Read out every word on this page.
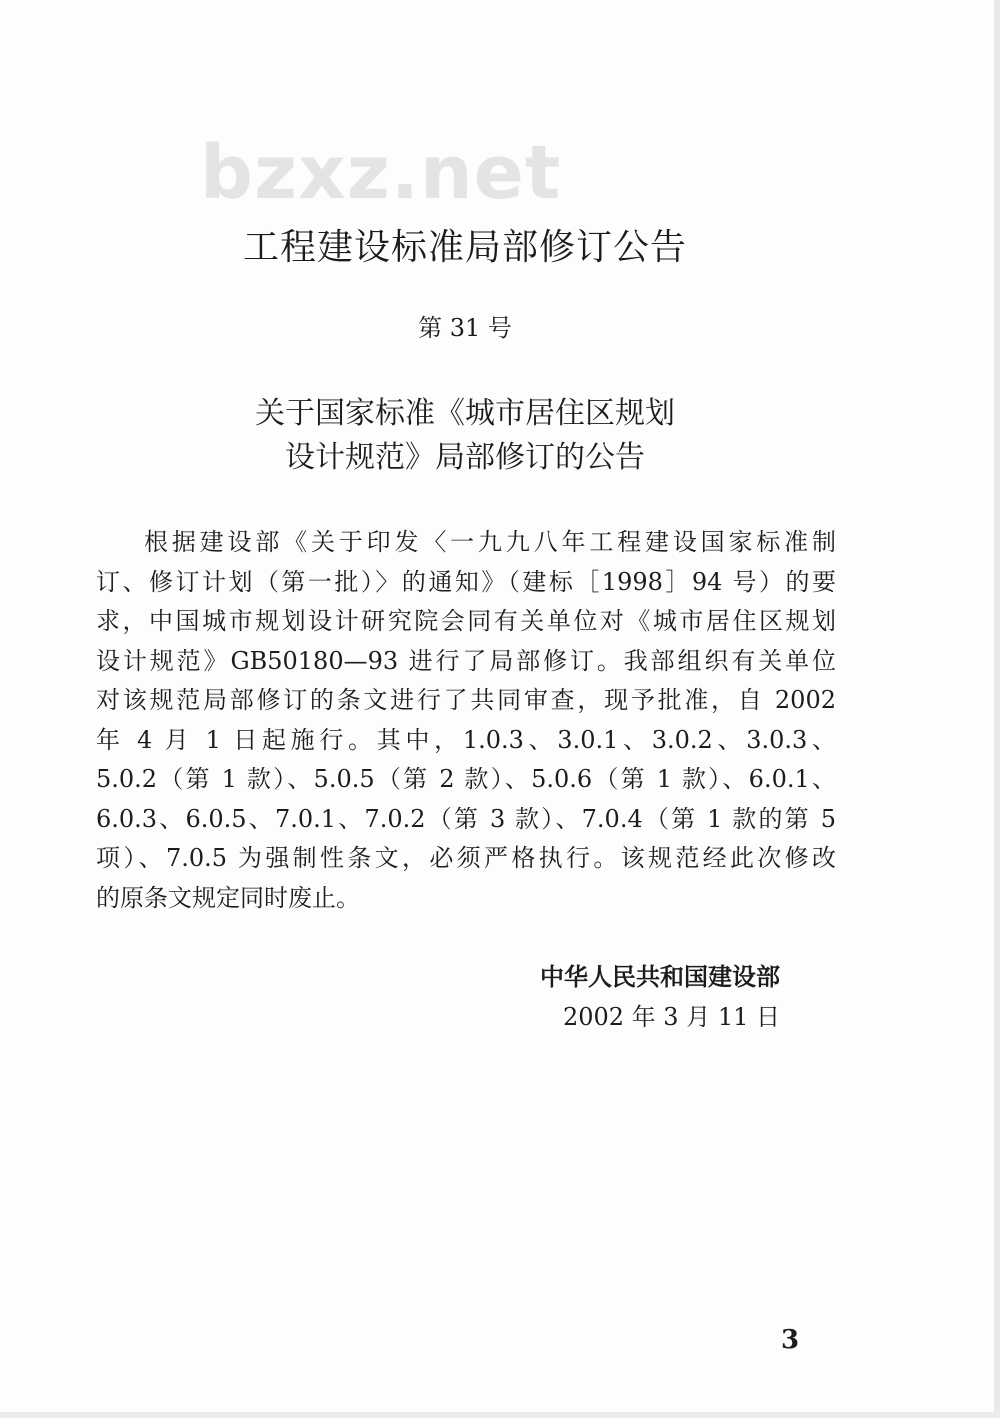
bzxz.net
工程建设标准局部修订公告
第 31 号
关于国家标准《城市居住区规划
设计规范》局部修订的公告
根据建设部《关于印发〈一九九八年工程建设国家标准制
订、修订计划（第一批）〉的通知》（建标［1998］94 号）的要
求，中国城市规划设计研究院会同有关单位对《城市居住区规划
设计规范》GB50180—93 进行了局部修订。我部组织有关单位
对该规范局部修订的条文进行了共同审查，现予批准，自 2002
年 4 月 1 日起施行。其中，1.0.3、3.0.1、3.0.2、3.0.3、
5.0.2（第 1 款）、5.0.5（第 2 款）、5.0.6（第 1 款）、6.0.1、
6.0.3、6.0.5、7.0.1、7.0.2（第 3 款）、7.0.4（第 1 款的第 5
项）、7.0.5 为强制性条文，必须严格执行。该规范经此次修改
的原条文规定同时废止。
中华人民共和国建设部
2002 年 3 月 11 日
3
